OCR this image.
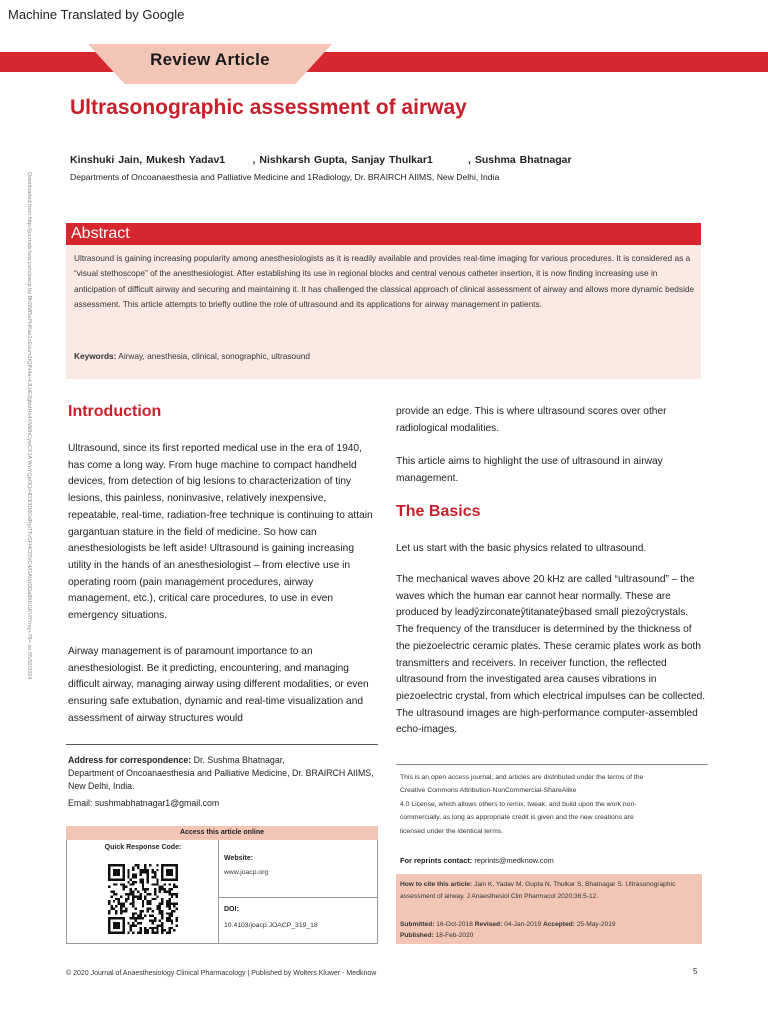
Machine Translated by Google
Review Article
Ultrasonographic assessment of airway
Kinshuki Jain, Mukesh Yadav1       , Nishkarsh Gupta, Sanjay Thulkar1         , Sushma Bhatnagar
Departments of Oncoanaesthesia and Palliative Medicine and 1Radiology, Dr. BRAIRCH AIIMS, New Delhi, India
Downloaded from http://journals.lww.com/joacp by BhDMf5ePHKav1zEoum1tQfN4a+kJLhEZgbsIHo4XMi0hCywCX1A WnYQp/IlQrHD3i3D0OdRyi7TvSFl4Cf3VC4/OAVpDDa8KKGKV0Ymy+78= on 05/02/2024 Abstract
Ultrasound is gaining increasing popularity among anesthesiologists as it is readily available and provides real-time imaging for various procedures. It is considered as a “visual stethoscope” of the anesthesiologist. After establishing its use in regional blocks and central venous catheter insertion, it is now finding increasing use in anticipation of difficult airway and securing and maintaining it. It has challenged the classical approach of clinical assessment of airway and allows more dynamic bedside assessment. This article attempts to briefly outline the role of ultrasound and its applications for airway management in patients.
Keywords: Airway, anesthesia, clinical, sonographic, ultrasound
Introduction
Ultrasound, since its first reported medical use in the era of 1940, has come a long way. From huge machine to compact handheld devices, from detection of big lesions to characterization of tiny lesions, this painless, noninvasive, relatively inexpensive, repeatable, real-time, radiation-free technique is continuing to attain gargantuan stature in the field of medicine. So how can anesthesiologists be left aside! Ultrasound is gaining increasing utility in the hands of an anesthesiologist – from elective use in operating room (pain management procedures, airway management, etc.), critical care procedures, to use in even emergency situations.
Airway management is of paramount importance to an anesthesiologist. Be it predicting, encountering, and managing difficult airway, managing airway using different modalities, or even ensuring safe extubation, dynamic and real-time visualization and assessment of airway structures would
provide an edge. This is where ultrasound scores over other radiological modalities.
This article aims to highlight the use of ultrasound in airway management.
The Basics
Let us start with the basic physics related to ultrasound.
The mechanical waves above 20 kHz are called “ultrasound” – the waves which the human ear cannot hear normally. These are produced by leadŷzirconateŷtitanateŷbased small piezoŷcrystals. The frequency of the transducer is determined by the thickness of the piezoelectric ceramic plates. These ceramic plates work as both transmitters and receivers. In receiver function, the reflected ultrasound from the investigated area causes vibrations in piezoelectric crystal, from which electrical impulses can be collected. The ultrasound images are high-performance computer-assembled echo-images.
Address for correspondence: Dr. Sushma Bhatnagar,
Department of Oncoanaesthesia and Palliative Medicine, Dr. BRAIRCH AIIMS, New Delhi, India.
Email: sushmabhatnagar1@gmail.com
Access this article online
Quick Response Code:
Website:
www.joacp.org
DOI:
10.4103/joacp.JOACP_319_18
This is an open access journal, and articles are distributed under the terms of the
Creative Commons Attribution-NonCommercial-ShareAlike
4.0 License, which allows others to remix, tweak, and build upon the work non-
commercially, as long as appropriate credit is given and the new creations are
licensed under the identical terms.
For reprints contact: reprints@medknow.com
How to cite this article: Jain K, Yadav M, Gupta N, Thulkar S, Bhatnagar S. Ultrasonographic assessment of airway. J Anaesthesiol Clin Pharmacol 2020;36:5-12.
Submitted: 16-Oct-2018 Revised: 04-Jan-2019 Accepted: 25-May-2019
Published: 18-Feb-2020
© 2020 Journal of Anaesthesiology Clinical Pharmacology | Published by Wolters Kluwer - Medknow	5
